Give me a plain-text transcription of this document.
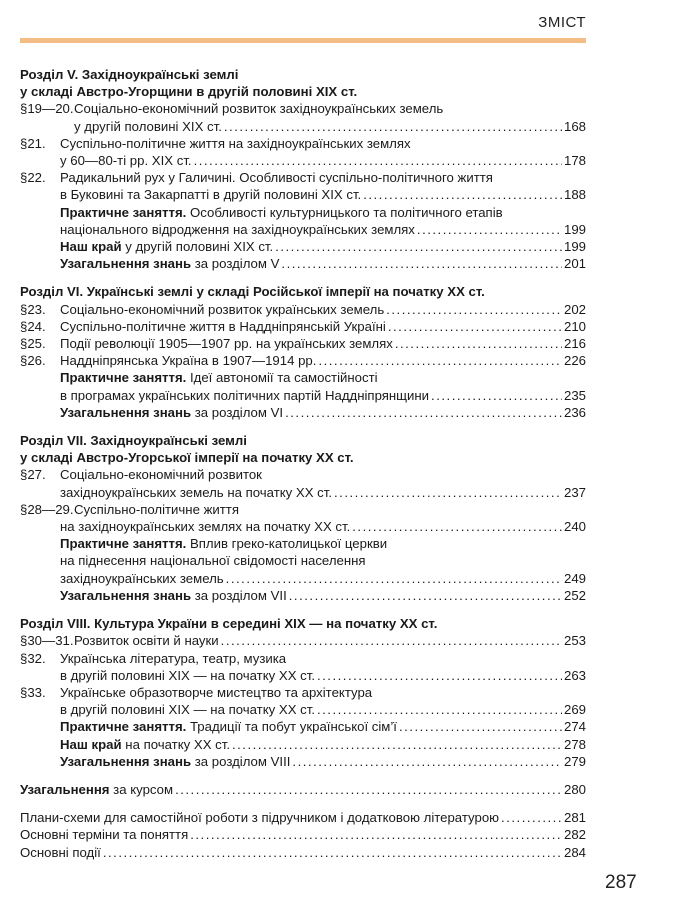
ЗМІСТ
Розділ V. Західноукраїнські землі
у складі Австро-Угорщини в другій половині XIX ст.
§19—20. Соціально-економічний розвиток західноукраїнських земель
у другій половині XIX ст. .....	168
§21.	Суспільно-політичне життя на західноукраїнських землях
у 60—80-ті рр. XIX ст. .....	178
§22.	Радикальний рух у Галичині. Особливості суспільно-політичного життя
в Буковині та Закарпатті в другій половині XIX ст. .....	188
Практичне заняття.
Особливості культурницького та політичного етапів
національного відродження на західноукраїнських землях .....	199
Наш край
у другій половині XIX ст. .....	199
Узагальнення знань
за розділом V .....	201
Розділ VI. Українські землі у складі Російської імперії на початку XX ст.
§23.	Соціально-економічний розвиток українських земель .....	202
§24.	Суспільно-політичне життя в Наддніпрянській Україні .....	210
§25.	Події революції 1905—1907 рр. на українських землях .....	216
§26.	Наддніпрянська Україна в 1907—1914 рр. .....	226
Практичне заняття.
Ідеї автономії та самостійності
в програмах українських політичних партій Наддніпрянщини .....	235
Узагальнення знань
за розділом VI .....	236
Розділ VII. Західноукраїнські землі
у складі Австро-Угорської імперії на початку XX ст.
§27.	Соціально-економічний розвиток
західноукраїнських земель на початку XX ст. .....	237
§28—29. Суспільно-політичне життя
на західноукраїнських землях на початку XX ст. .....	240
Практичне заняття.
Вплив греко-католицької церкви
на піднесення національної свідомості населення
західноукраїнських земель .....	249
Узагальнення знань
за розділом VII .....	252
Розділ VIII. Культура України в середині XIX — на початку XX ст.
§30—31. Розвиток освіти й науки .....	253
§32.	Українська література, театр, музика
в другій половині XIX — на початку XX ст. .....	263
§33.	Українське образотворче мистецтво та архітектура
в другій половині XIX — на початку XX ст. .....	269
Практичне заняття.
Традиції та побут української сім’ї .....	274
Наш край
на початку XX ст. .....	278
Узагальнення знань
за розділом VIII .....	279
Узагальнення
за курсом .....	280
Плани-схеми для самостійної роботи з підручником і додатковою літературою .....	281
Основні терміни та поняття .....	282
Основні події .....	284
287
